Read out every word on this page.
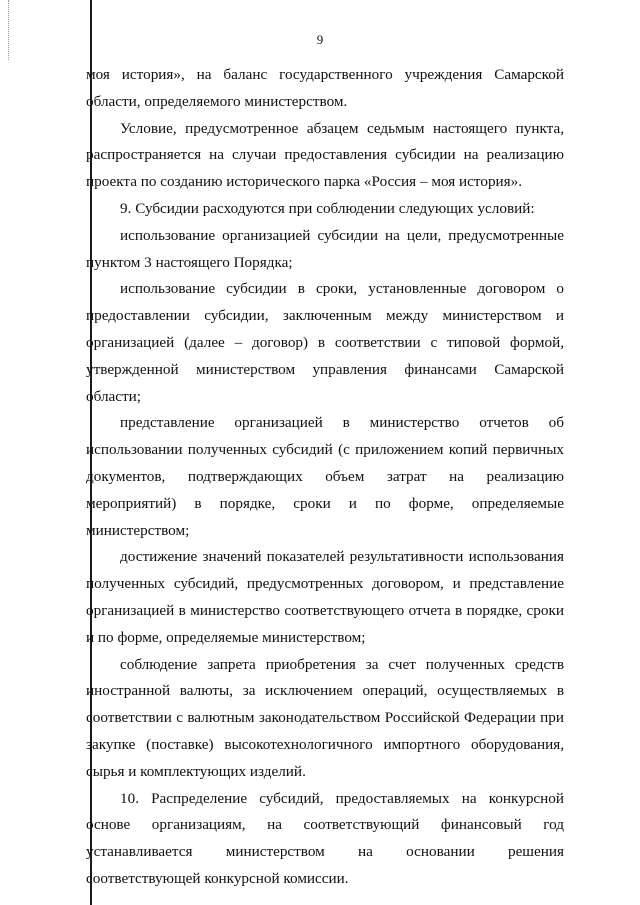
9

моя история», на баланс государственного учреждения Самарской области, определяемого министерством.

Условие, предусмотренное абзацем седьмым настоящего пункта, распространяется на случаи предоставления субсидии на реализацию проекта по созданию исторического парка «Россия – моя история».

9. Субсидии расходуются при соблюдении следующих условий:

использование организацией субсидии на цели, предусмотренные пунктом 3 настоящего Порядка;

использование субсидии в сроки, установленные договором о предоставлении субсидии, заключенным между министерством и организацией (далее – договор) в соответствии с типовой формой, утвержденной министерством управления финансами Самарской области;

представление организацией в министерство отчетов об использовании полученных субсидий (с приложением копий первичных документов, подтверждающих объем затрат на реализацию мероприятий) в порядке, сроки и по форме, определяемые министерством;

достижение значений показателей результативности использования полученных субсидий, предусмотренных договором, и представление организацией в министерство соответствующего отчета в порядке, сроки и по форме, определяемые министерством;

соблюдение запрета приобретения за счет полученных средств иностранной валюты, за исключением операций, осуществляемых в соответствии с валютным законодательством Российской Федерации при закупке (поставке) высокотехнологичного импортного оборудования, сырья и комплектующих изделий.

10. Распределение субсидий, предоставляемых на конкурсной основе организациям, на соответствующий финансовый год устанавливается министерством на основании решения соответствующей конкурсной комиссии.
